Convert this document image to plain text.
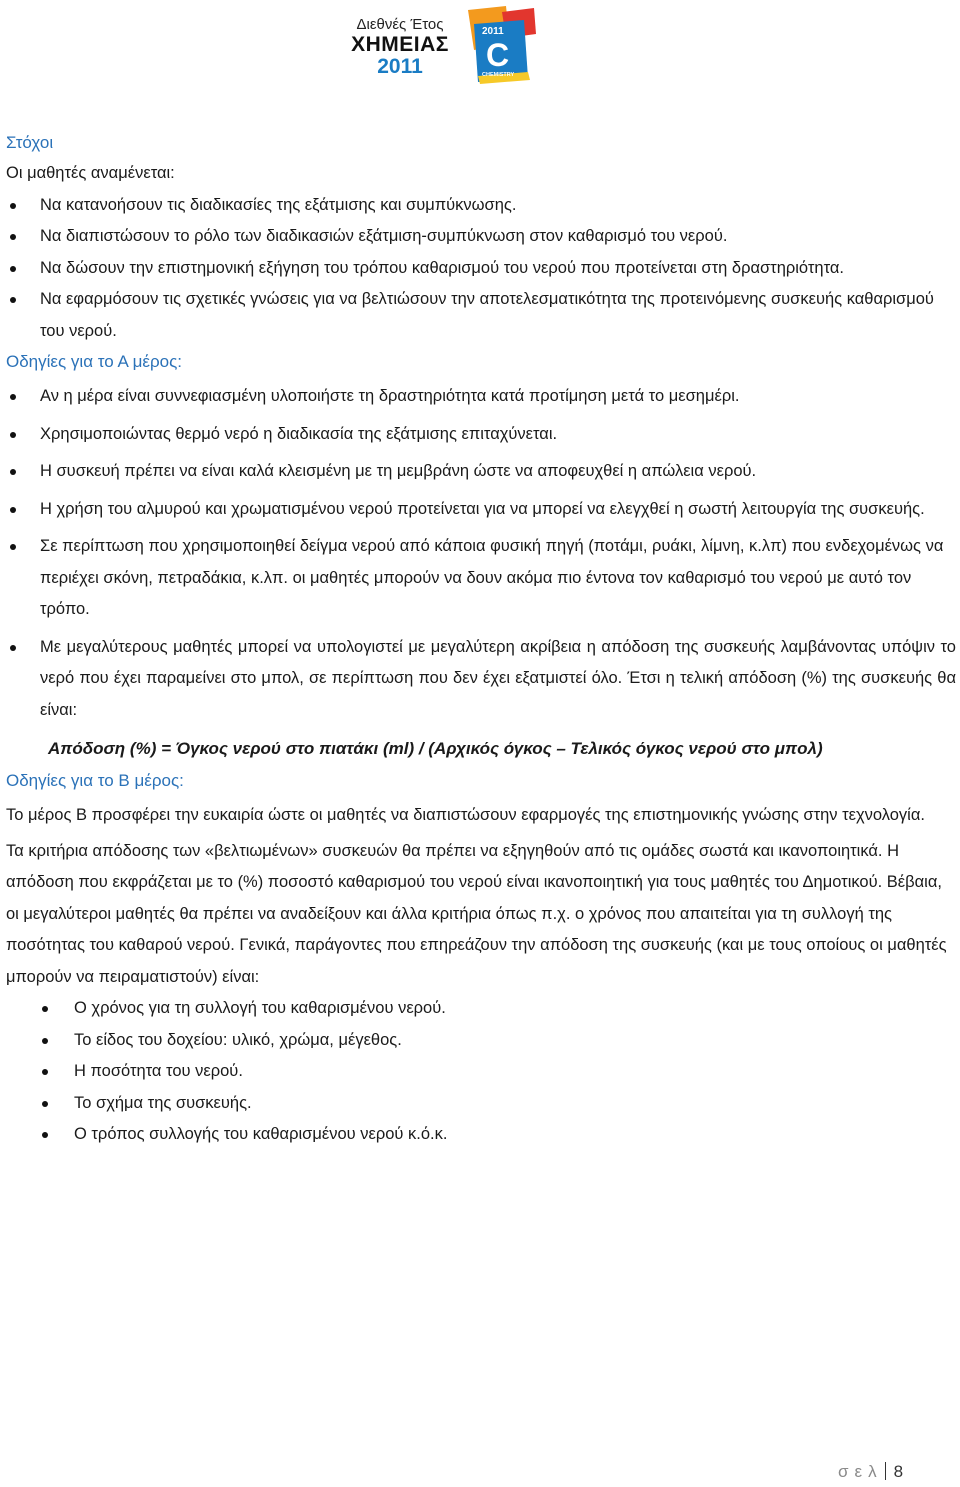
Διεθνές Έτος
ΧΗΜΕΙΑΣ
2011
2011
C
CHEMISTRY
Στόχοι

Οι μαθητές αναμένεται:

Να κατανοήσουν τις διαδικασίες της εξάτμισης και συμπύκνωσης.
Να διαπιστώσουν το ρόλο των διαδικασιών εξάτμιση-συμπύκνωση στον καθαρισμό του νερού.
Να δώσουν την επιστημονική εξήγηση του τρόπου καθαρισμού του νερού που προτείνεται στη δραστηριότητα.
Να εφαρμόσουν τις σχετικές γνώσεις για να βελτιώσουν την αποτελεσματικότητα της προτεινόμενης συσκευής καθαρισμού του νερού.
Οδηγίες για το Α μέρος:
Αν η μέρα είναι συννεφιασμένη υλοποιήστε τη δραστηριότητα κατά προτίμηση μετά το μεσημέρι.
Χρησιμοποιώντας θερμό νερό η διαδικασία της εξάτμισης επιταχύνεται.
Η συσκευή πρέπει να είναι καλά κλεισμένη με τη μεμβράνη ώστε να αποφευχθεί η απώλεια νερού.
Η χρήση του αλμυρού και χρωματισμένου νερού προτείνεται για να μπορεί να ελεγχθεί η σωστή λειτουργία της συσκευής.
Σε περίπτωση που χρησιμοποιηθεί δείγμα νερού από κάποια φυσική πηγή (ποτάμι, ρυάκι, λίμνη, κ.λπ) που ενδεχομένως να περιέχει σκόνη, πετραδάκια, κ.λπ. οι μαθητές μπορούν να δουν ακόμα πιο έντονα τον καθαρισμό του νερού με αυτό τον τρόπο.
Με μεγαλύτερους μαθητές μπορεί να υπολογιστεί με μεγαλύτερη ακρίβεια η απόδοση της συσκευής λαμβάνοντας υπόψιν το νερό που έχει παραμείνει στο μπολ, σε περίπτωση που δεν έχει εξατμιστεί όλο. Έτσι η τελική απόδοση (%) της συσκευής θα είναι:
Απόδοση (%) = Όγκος νερού στο πιατάκι (ml) / (Αρχικός όγκος – Τελικός όγκος νερού στο μπολ)
Οδηγίες για το Β μέρος:

Το μέρος Β προσφέρει την ευκαιρία ώστε οι μαθητές να διαπιστώσουν εφαρμογές της επιστημονικής γνώσης στην τεχνολογία.

Τα κριτήρια απόδοσης των «βελτιωμένων» συσκευών θα πρέπει να εξηγηθούν από τις ομάδες σωστά και ικανοποιητικά. Η απόδοση που εκφράζεται με το (%) ποσοστό καθαρισμού του νερού είναι ικανοποιητική για τους μαθητές του Δημοτικού. Βέβαια, οι μεγαλύτεροι μαθητές θα πρέπει να αναδείξουν και άλλα κριτήρια όπως π.χ. ο χρόνος που απαιτείται για τη συλλογή της ποσότητας του καθαρού νερού. Γενικά, παράγοντες που επηρεάζουν την απόδοση της συσκευής (και με τους οποίους οι μαθητές μπορούν να πειραματιστούν) είναι:

Ο χρόνος για τη συλλογή του καθαρισμένου νερού.
Το είδος του δοχείου: υλικό, χρώμα, μέγεθος.
Η ποσότητα του νερού.
Το σχήμα της συσκευής.
Ο τρόπος συλλογής του καθαρισμένου νερού κ.ό.κ.
σελ 8
